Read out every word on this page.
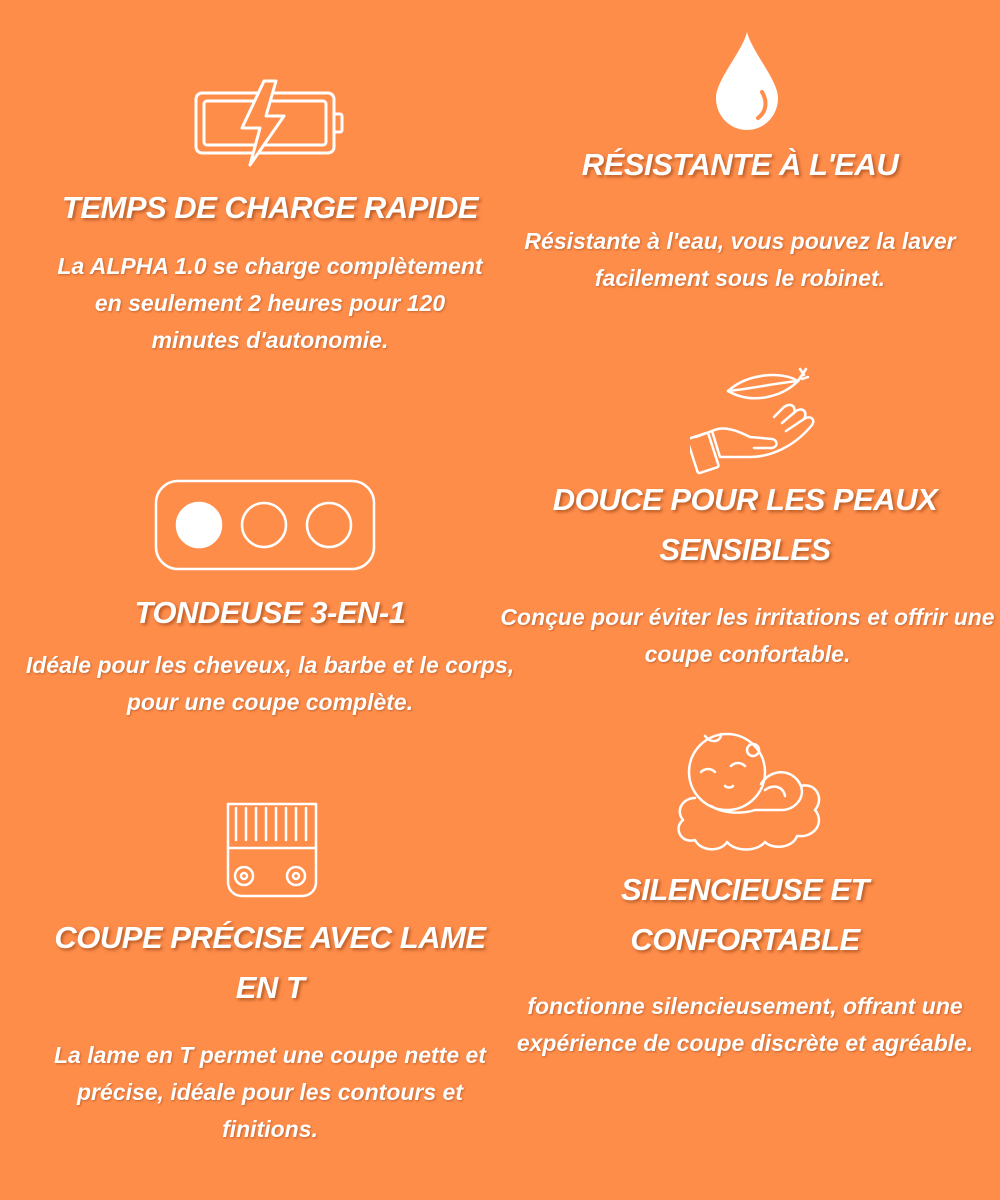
TEMPS DE CHARGE RAPIDE

La ALPHA 1.0 se charge complètement en seulement 2 heures pour 120 minutes d'autonomie.

RÉSISTANTE À L'EAU

Résistante à l'eau, vous pouvez la laver facilement sous le robinet.

TONDEUSE 3-EN-1

Idéale pour les cheveux, la barbe et le corps, pour une coupe complète.

DOUCE POUR LES PEAUX SENSIBLES

Conçue pour éviter les irritations et offrir une coupe confortable.

COUPE PRÉCISE AVEC LAME EN T

La lame en T permet une coupe nette et précise, idéale pour les contours et finitions.

SILENCIEUSE ET CONFORTABLE

fonctionne silencieusement, offrant une expérience de coupe discrète et agréable.
